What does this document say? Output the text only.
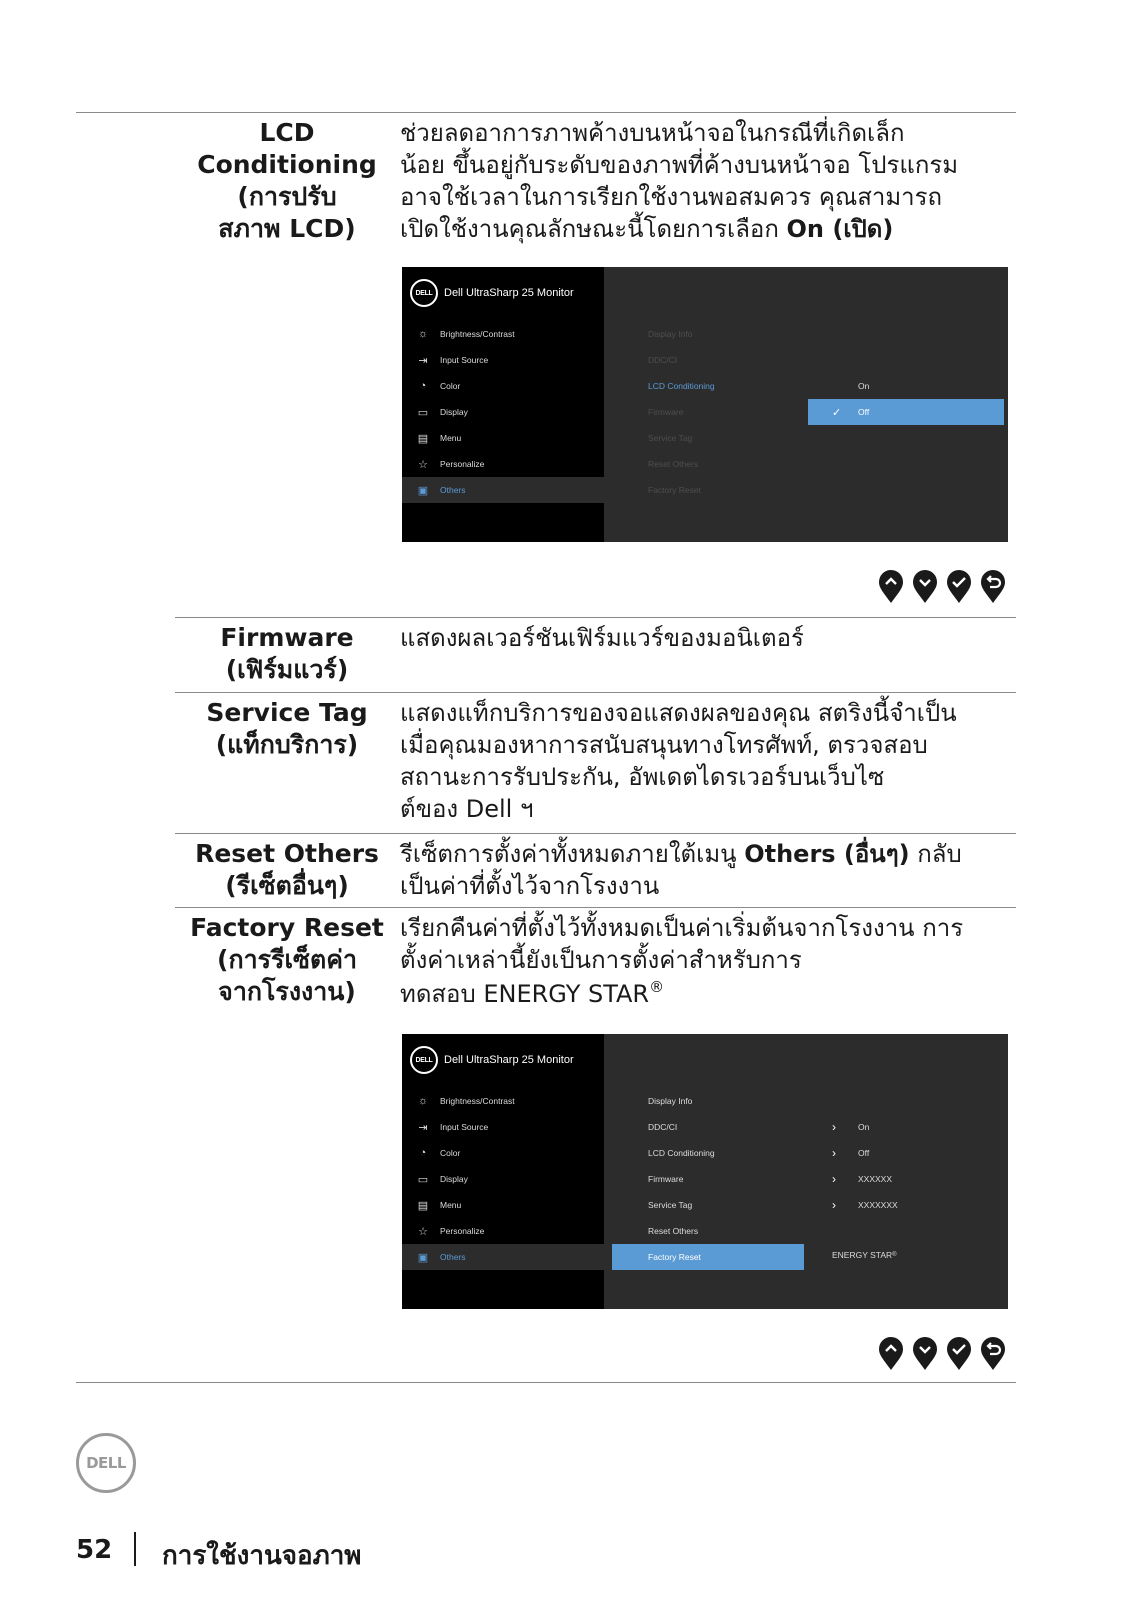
LCD
Conditioning
(การปรับ
สภาพ LCD)
ช่วยลดอาการภาพค้างบนหน้าจอในกรณีที่เกิดเล็ก
น้อย ขึ้นอยู่กับระดับของภาพที่ค้างบนหน้าจอ โปรแกรม
อาจใช้เวลาในการเรียกใช้งานพอสมควร คุณสามารถ
เปิดใช้งานคุณลักษณะนี้โดยการเลือก On (เปิด)
DELL	Dell UltraSharp 25 Monitor
☼ Brightness/Contrast
⇥ Input Source
◔	Color
▭ Display
▤ Menu
☆ Personalize
▣ Others
Display Info
DDC/CI
LCD Conditioning
Firmware
Service Tag
Reset Others
Factory Reset
On
✓ Off
Firmware
(เฟิร์มแวร์)
แสดงผลเวอร์ชันเฟิร์มแวร์ของมอนิเตอร์
Service Tag
(แท็กบริการ)
แสดงแท็กบริการของจอแสดงผลของคุณ สตริงนี้จำเป็น
เมื่อคุณมองหาการสนับสนุนทางโทรศัพท์, ตรวจสอบ
สถานะการรับประกัน, อัพเดตไดรเวอร์บนเว็บไซ
ต์ของ Dell ฯ
Reset Others
(รีเซ็ตอื่นๆ)
รีเซ็ตการตั้งค่าทั้งหมดภายใต้เมนู Others (อื่นๆ) กลับ
เป็นค่าที่ตั้งไว้จากโรงงาน
Factory Reset
(การรีเซ็ตค่า
จากโรงงาน)
เรียกคืนค่าที่ตั้งไว้ทั้งหมดเป็นค่าเริ่มต้นจากโรงงาน การ
ตั้งค่าเหล่านี้ยังเป็นการตั้งค่าสำหรับการ
ทดสอบ ENERGY STAR®
DELL	Dell UltraSharp 25 Monitor
☼ Brightness/Contrast
⇥ Input Source
◔	Color
▭ Display
▤ Menu
☆ Personalize
▣ Others
Display Info
DDC/CI
LCD Conditioning
Firmware
Service Tag
Reset Others
Factory Reset
›
›
›
›
On
Off
XXXXXX
XXXXXXX
ENERGY STAR ®
DELL
52 การใช้งานจอภาพ
